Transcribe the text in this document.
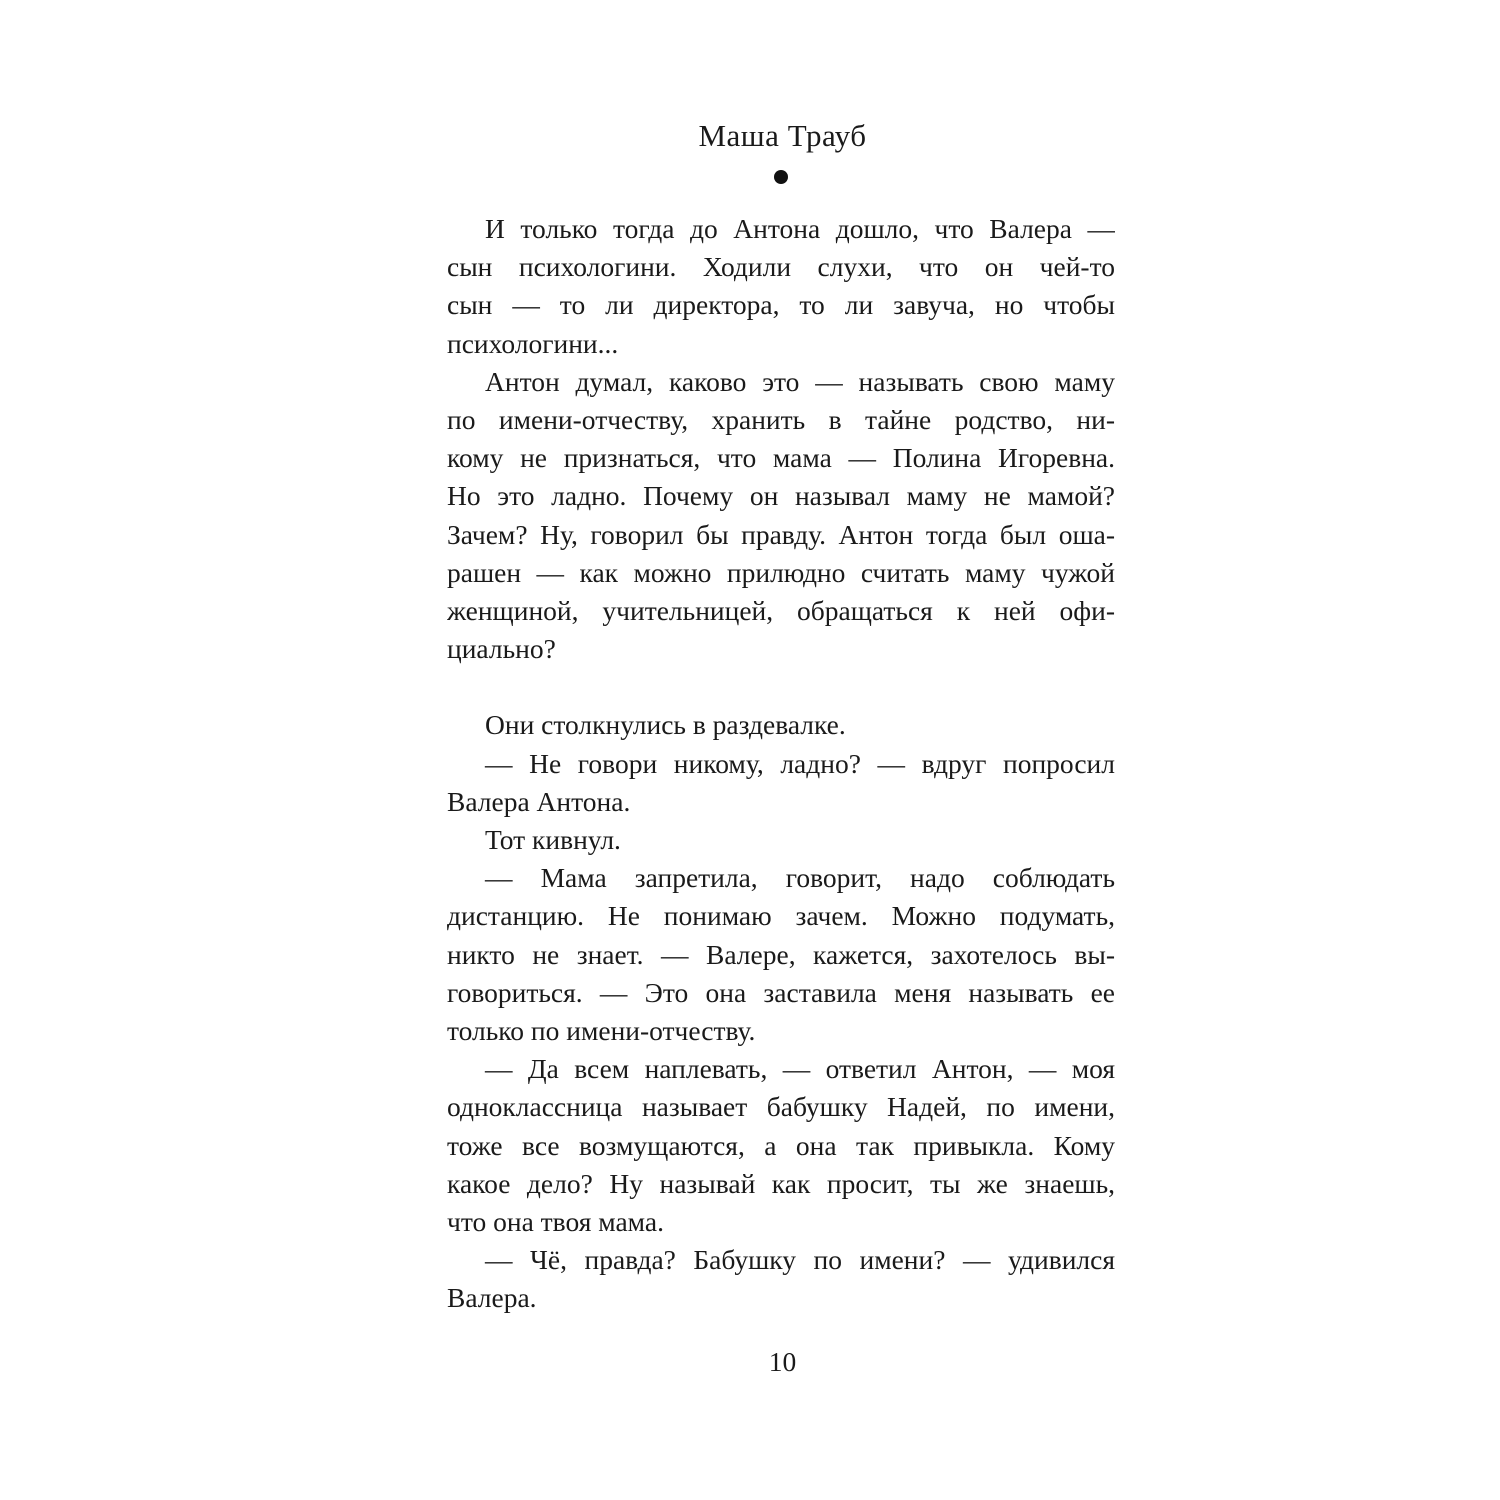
Маша Трауб
И только тогда до Антона дошло, что Валера —
сын психологини. Ходили слухи, что он чей-то
сын — то ли директора, то ли завуча, но чтобы
психологини...
Антон думал, каково это — называть свою маму
по имени-отчеству, хранить в тайне родство, ни-
кому не признаться, что мама — Полина Игоревна.
Но это ладно. Почему он называл маму не мамой?
Зачем? Ну, говорил бы правду. Антон тогда был оша-
рашен — как можно прилюдно считать маму чужой
женщиной, учительницей, обращаться к ней офи-
циально?
Они столкнулись в раздевалке.
— Не говори никому, ладно? — вдруг попросил
Валера Антона.
Тот кивнул.
— Мама запретила, говорит, надо соблюдать
дистанцию. Не понимаю зачем. Можно подумать,
никто не знает. — Валере, кажется, захотелось вы-
говориться. — Это она заставила меня называть ее
только по имени-отчеству.
— Да всем наплевать, — ответил Антон, — моя
одноклассница называет бабушку Надей, по имени,
тоже все возмущаются, а она так привыкла. Кому
какое дело? Ну называй как просит, ты же знаешь,
что она твоя мама.
— Чё, правда? Бабушку по имени? — удивился
Валера.
10
